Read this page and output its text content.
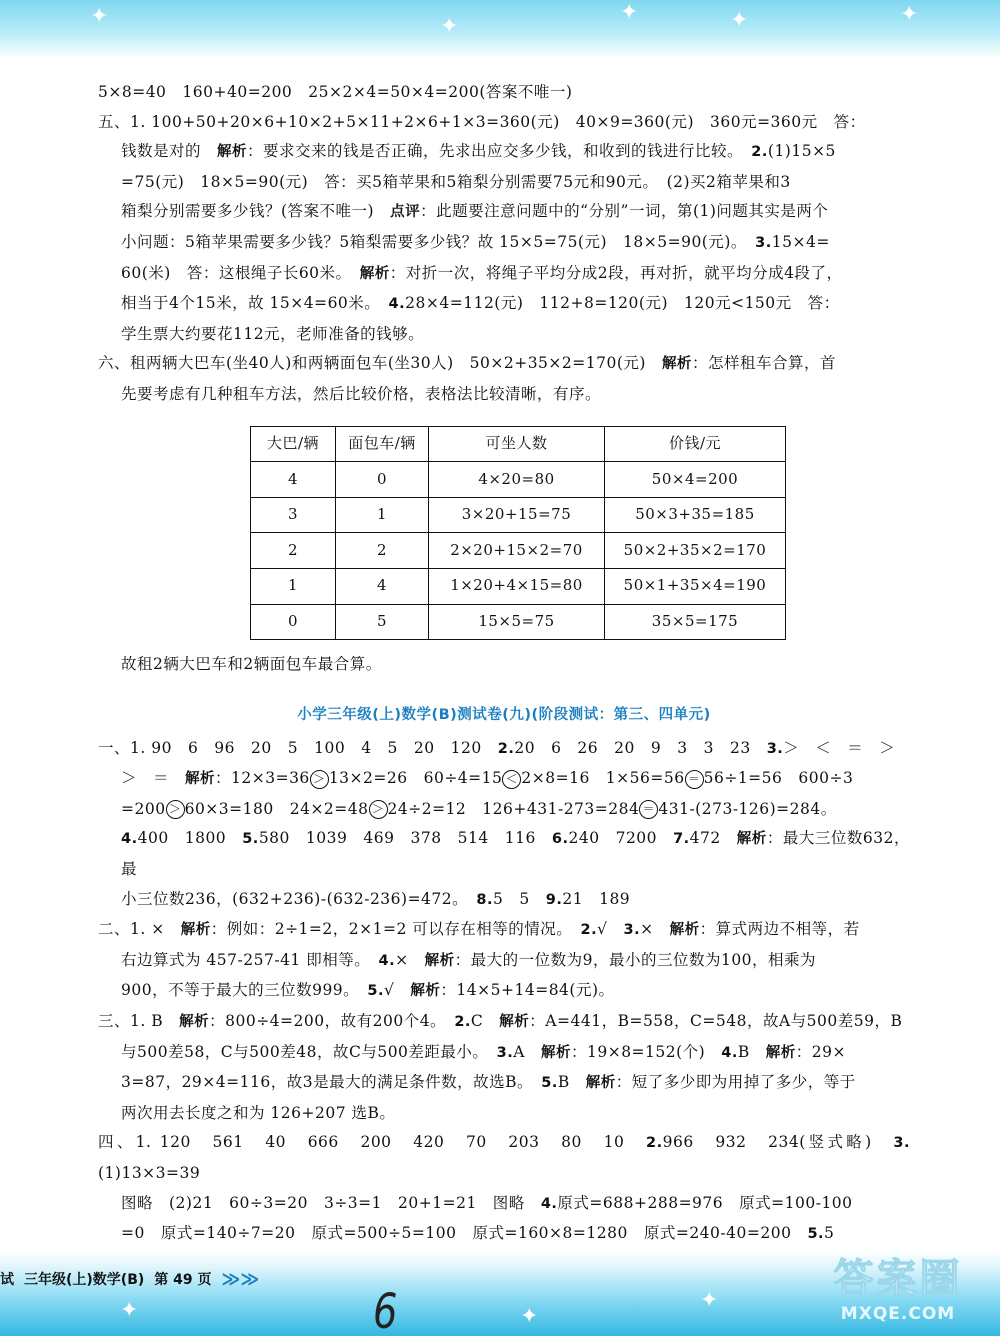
✦	✦
✦	✦	✦

5×8=40　160+40=200　25×2×4=50×4=200(答案不唯一)

五、1. 100+50+20×6+10×2+5×11+2×6+1×3=360(元)　40×9=360(元)　360元=360元　答：

钱数是对的　解析：要求交来的钱是否正确，先求出应交多少钱，和收到的钱进行比较。　2.(1)15×5

=75(元)　18×5=90(元)　答：买5箱苹果和5箱梨分别需要75元和90元。　(2)买2箱苹果和3

箱梨分别需要多少钱？(答案不唯一)　点评：此题要注意问题中的“分别”一词，第(1)问题其实是两个

小问题：5箱苹果需要多少钱？5箱梨需要多少钱？故 15×5=75(元)　18×5=90(元)。　3.15×4=

60(米)　答：这根绳子长60米。　解析：对折一次，将绳子平均分成2段，再对折，就平均分成4段了，

相当于4个15米，故 15×4=60米。　4.28×4=112(元)　112+8=120(元)　120元<150元　答：

学生票大约要花112元，老师准备的钱够。

六、租两辆大巴车(坐40人)和两辆面包车(坐30人)　50×2+35×2=170(元)　解析：怎样租车合算，首

先要考虑有几种租车方法，然后比较价格，表格法比较清晰，有序。

大巴/辆	面包车/辆	可坐人数	价钱/元
4	0	4×20=80	50×4=200
3	1	3×20+15=75	50×3+35=185
2	2	2×20+15×2=70	50×2+35×2=170
1	4	1×20+4×15=80	50×1+35×4=190
0	5	15×5=75	35×5=175

故租2辆大巴车和2辆面包车最合算。

小学三年级(上)数学(B)测试卷(九)(阶段测试：第三、四单元)

一、1. 90　6　96　20　5　100　4　5　20　120　2.20　6　26　20　9　3　3　23　3.＞　＜　＝　＞

＞　＝　解析：12×3=36 ＞ 13×2=26　60÷4=15 ＜ 2×8=16　1×56=56 ＝ 56÷1=56　600÷3

=200 ＞ 60×3=180　24×2=48 ＞ 24÷2=12　126+431-273=284 ＝ 431-(273-126)=284。

4.400　1800　5.580　1039　469　378　514　116　6.240　7200　7.472　解析：最大三位数632，最

小三位数236，(632+236)-(632-236)=472。　8.5　5　9.21　189

二、1. ×　解析：例如：2÷1=2，2×1=2 可以存在相等的情况。　2.√　3.×　解析：算式两边不相等，若

右边算式为 457-257-41 即相等。　4.×　解析：最大的一位数为9，最小的三位数为100，相乘为

900，不等于最大的三位数999。　5.√　解析：14×5+14=84(元)。

三、1. B　解析：800÷4=200，故有200个4。　2.C　解析：A=441，B=558，C=548，故A与500差59，B

与500差58，C与500差48，故C与500差距最小。　3.A　解析：19×8=152(个)　4.B　解析：29×

3=87，29×4=116，故3是最大的满足条件数，故选B。　5.B　解析：短了多少即为用掉了多少，等于

两次用去长度之和为 126+207 选B。

四、1. 120　561　40　666　200　420　70　203　80　10　2.966　932　234(竖式略)　3.(1)13×3=39

图略　(2)21　60÷3=20　3÷3=1　20+1=21　图略　4.原式=688+288=976　原式=100-100

=0　原式=140÷7=20　原式=500÷5=100　原式=160×8=1280　原式=240-40=200　5.5

✦	✦
✦
试 三年级(上)数学(B) 第 49 页 ≫≫
6
答案圈
MXQE.COM
